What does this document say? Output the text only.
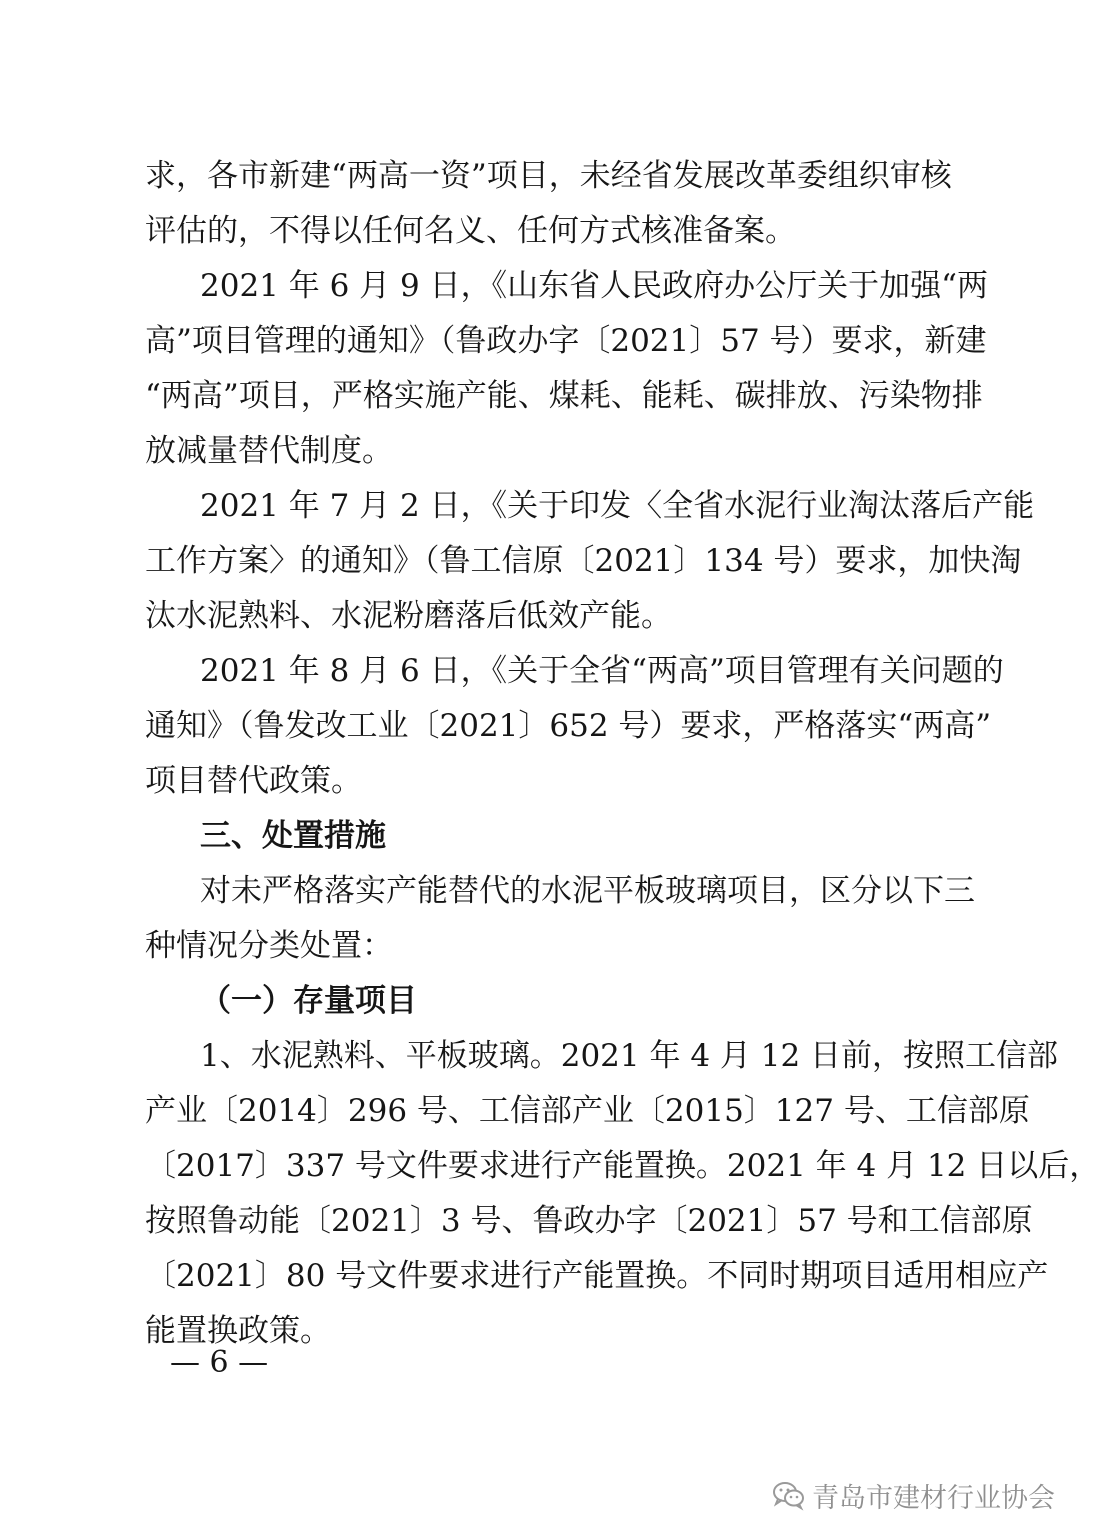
求，各市新建“两高一资”项目，未经省发展改革委组织审核
评估的，不得以任何名义、任何方式核准备案。
2021 年 6 月 9 日，《山东省人民政府办公厅关于加强“两
高”项目管理的通知》（鲁政办字〔2021〕57 号）要求，新建
“两高”项目，严格实施产能、煤耗、能耗、碳排放、污染物排
放减量替代制度。
2021 年 7 月 2 日，《关于印发〈全省水泥行业淘汰落后产能
工作方案〉的通知》（鲁工信原〔2021〕134 号）要求，加快淘
汰水泥熟料、水泥粉磨落后低效产能。
2021 年 8 月 6 日，《关于全省“两高”项目管理有关问题的
通知》（鲁发改工业〔2021〕652 号）要求，严格落实“两高”
项目替代政策。
三、处置措施
对未严格落实产能替代的水泥平板玻璃项目，区分以下三
种情况分类处置：
（一）存量项目
1、水泥熟料、平板玻璃。2021 年 4 月 12 日前，按照工信部
产业〔2014〕296 号、工信部产业〔2015〕127 号、工信部原
〔2017〕337 号文件要求进行产能置换。2021 年 4 月 12 日以后，
按照鲁动能〔2021〕3 号、鲁政办字〔2021〕57 号和工信部原
〔2021〕80 号文件要求进行产能置换。不同时期项目适用相应产
能置换政策。
— 6 —
青岛市建材行业协会
